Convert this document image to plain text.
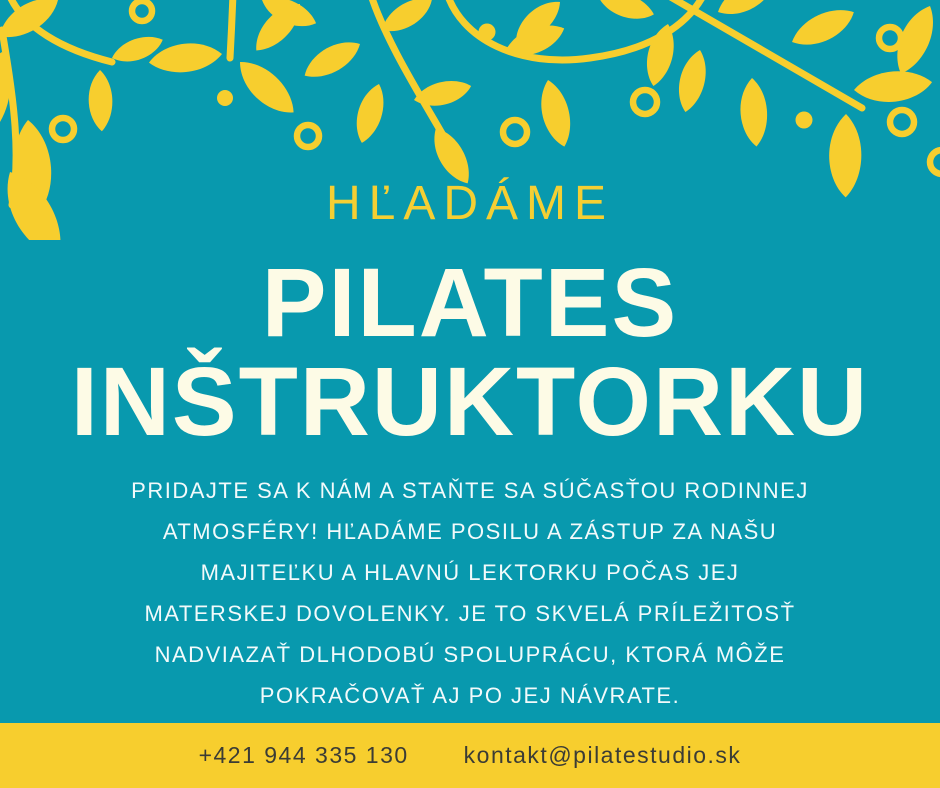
HĽADÁME
PILATES
INŠTRUKTORKU
PRIDAJTE SA K NÁM A STAŇTE SA SÚČASŤOU RODINNEJ
ATMOSFÉRY! HĽADÁME POSILU A ZÁSTUP ZA NAŠU
MAJITEĽKU A HLAVNÚ LEKTORKU POČAS JEJ
MATERSKEJ DOVOLENKY. JE TO SKVELÁ PRÍLEŽITOSŤ
NADVIAZAŤ DLHODOBÚ SPOLUPRÁCU, KTORÁ MÔŽE
POKRAČOVAŤ AJ PO JEJ NÁVRATE.
+421 944 335 130 kontakt@pilatestudio.sk
